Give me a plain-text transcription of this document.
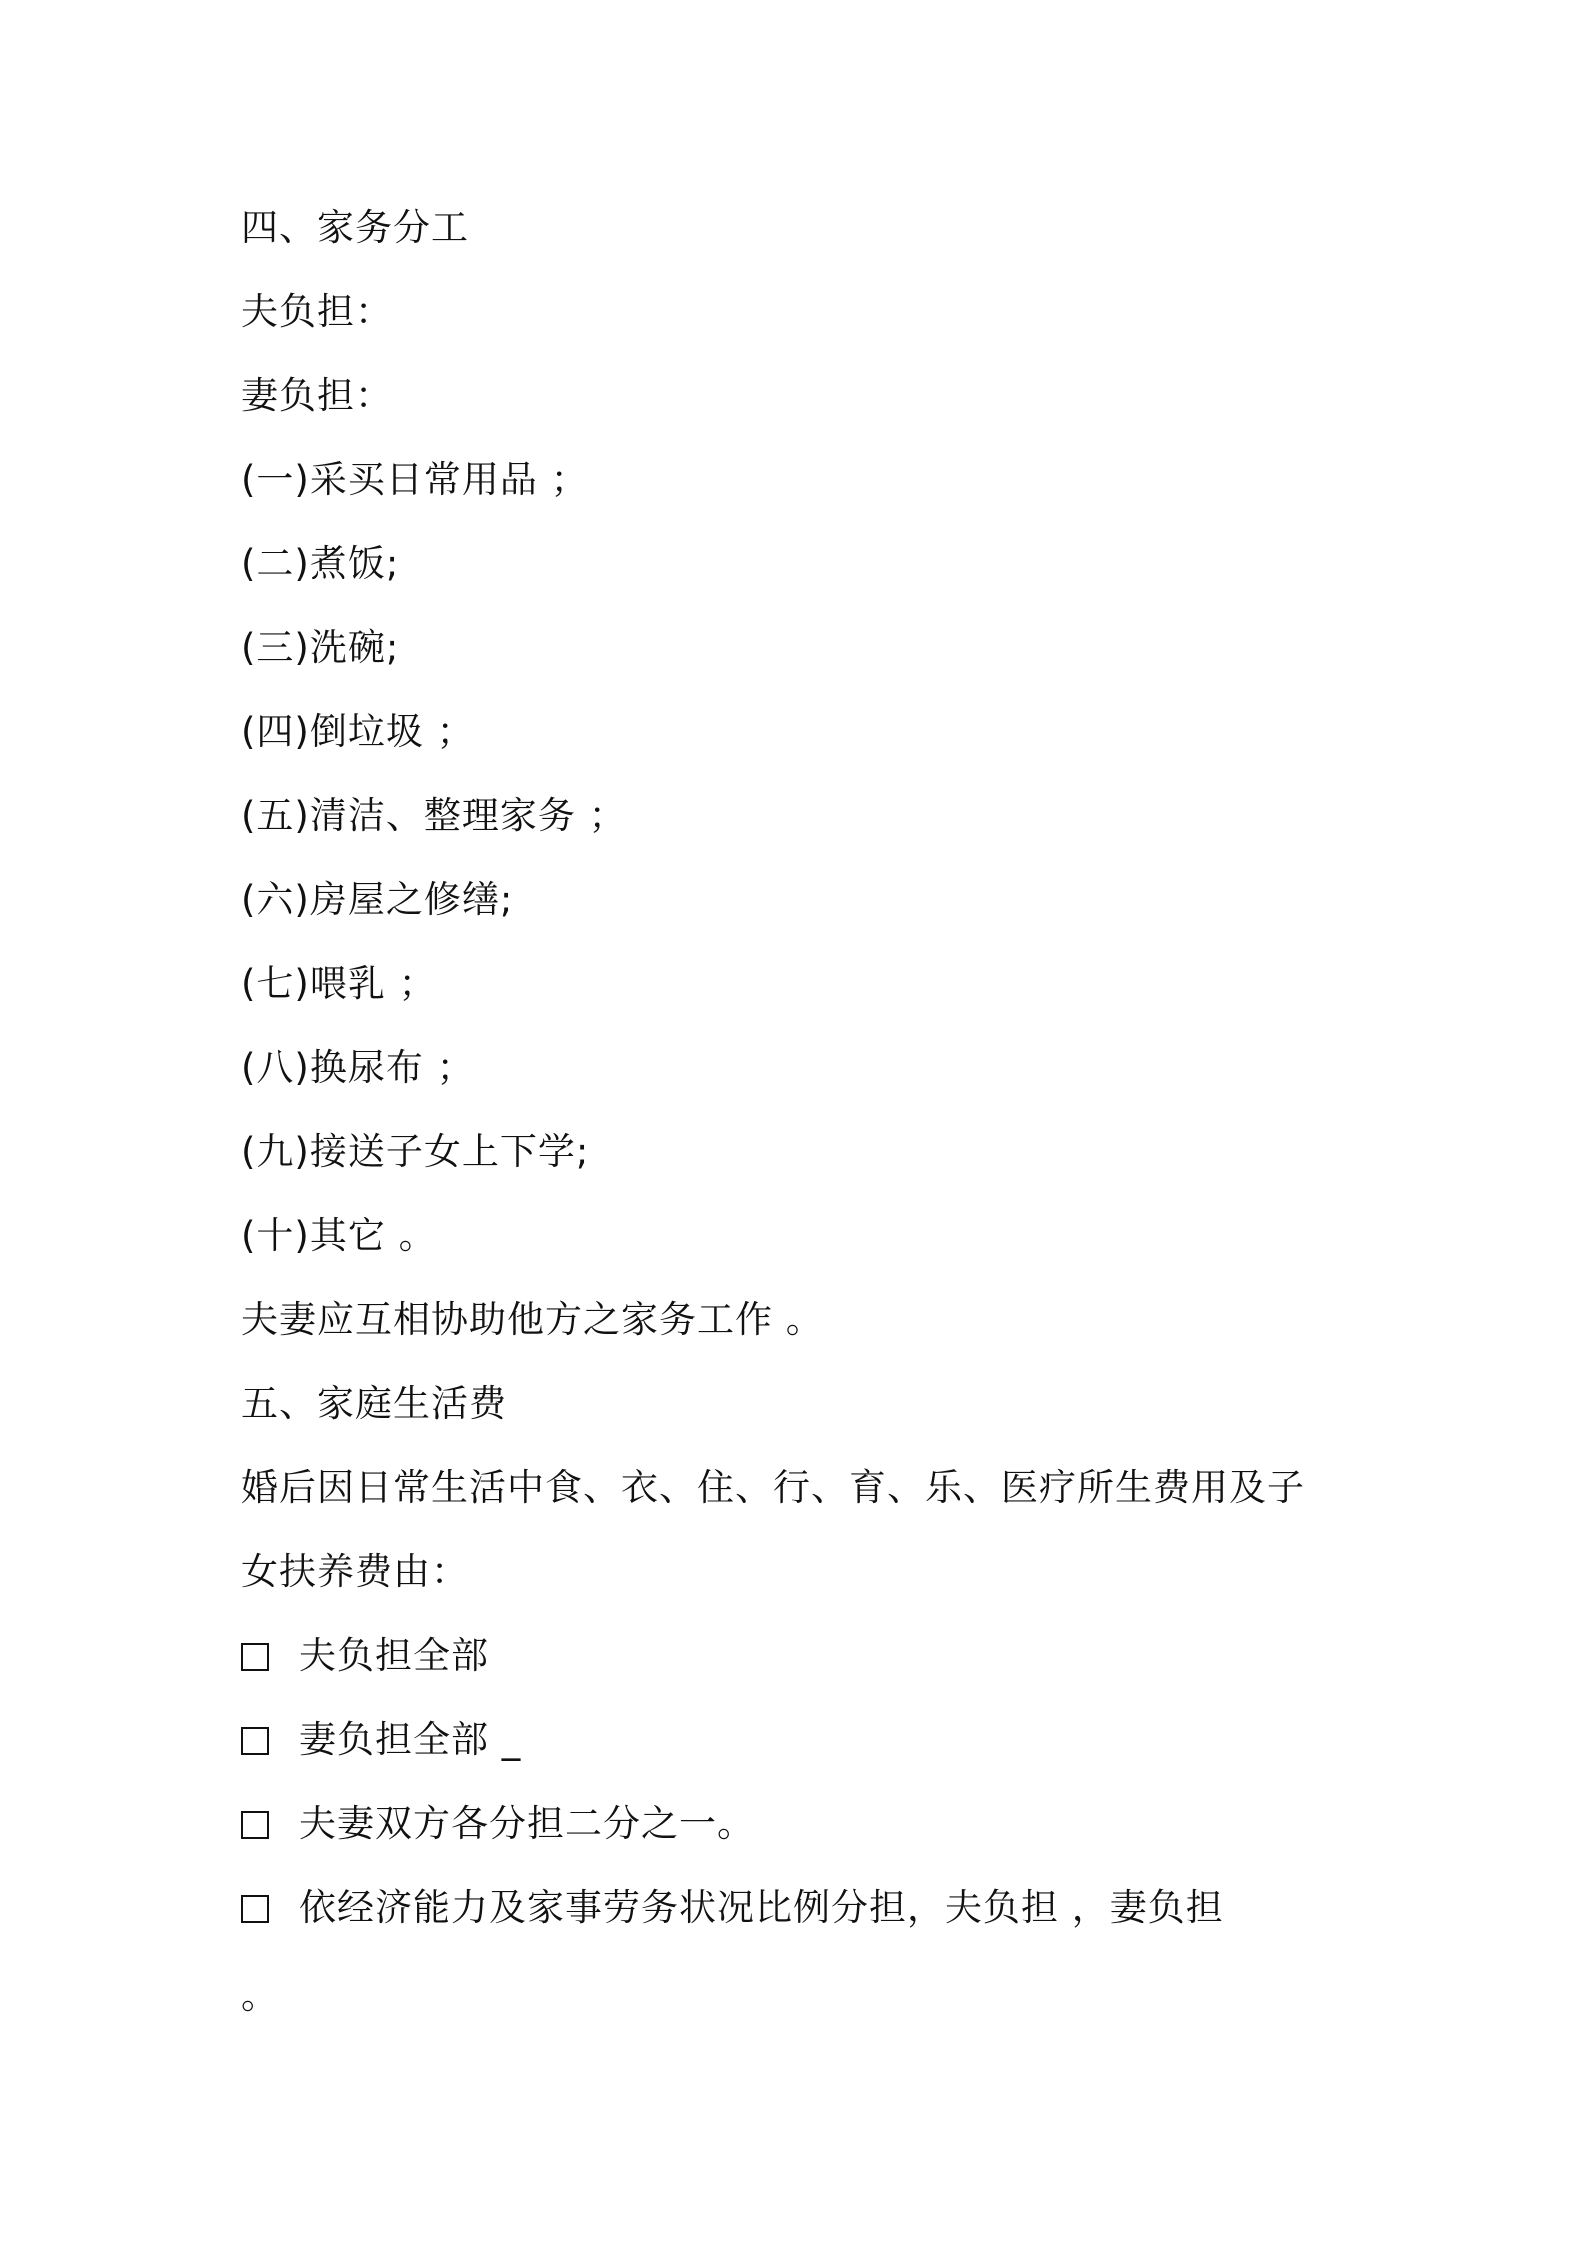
四、家务分工
夫负担：
妻负担：
(一)采买日常用品 ；
(二)煮饭;
(三)洗碗;
(四)倒垃圾 ；
(五)清洁、整理家务 ；
(六)房屋之修缮;
(七)喂乳 ；
(八)换尿布 ；
(九)接送子女上下学;
(十)其它 。
夫妻应互相协助他方之家务工作 。
五、家庭生活费
婚后因日常生活中食、衣、住、行、育、乐、医疗所生费用及子
女扶养费由：
夫负担全部
妻负担全部 _
夫妻双方各分担二分之一。
依经济能力及家事劳务状况比例分担，夫负担 ，妻负担
。
